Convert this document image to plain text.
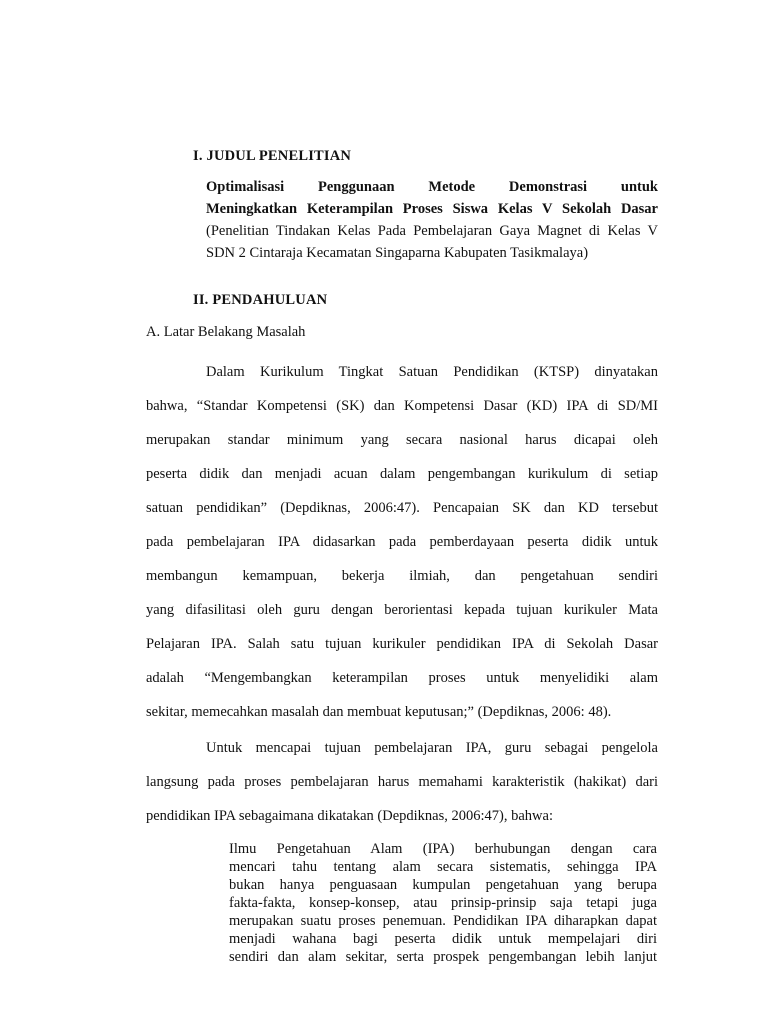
I. JUDUL PENELITIAN
Optimalisasi Penggunaan Metode Demonstrasi untuk
Meningkatkan Keterampilan Proses Siswa Kelas V Sekolah Dasar
(Penelitian Tindakan Kelas Pada Pembelajaran Gaya Magnet di Kelas V
SDN 2 Cintaraja Kecamatan Singaparna Kabupaten Tasikmalaya)
II. PENDAHULUAN
A. Latar Belakang Masalah
Dalam Kurikulum Tingkat Satuan Pendidikan (KTSP) dinyatakan
bahwa, “Standar Kompetensi (SK) dan Kompetensi Dasar (KD) IPA di SD/MI
merupakan standar minimum yang secara nasional harus dicapai oleh
peserta didik dan menjadi acuan dalam pengembangan kurikulum di setiap
satuan pendidikan” (Depdiknas, 2006:47). Pencapaian SK dan KD tersebut
pada pembelajaran IPA didasarkan pada pemberdayaan peserta didik untuk
membangun kemampuan, bekerja ilmiah, dan pengetahuan sendiri
yang difasilitasi oleh guru dengan berorientasi kepada tujuan kurikuler Mata
Pelajaran IPA. Salah satu tujuan kurikuler pendidikan IPA di Sekolah Dasar
adalah “Mengembangkan keterampilan proses untuk menyelidiki alam
sekitar, memecahkan masalah dan membuat keputusan;” (Depdiknas, 2006: 48).
Untuk mencapai tujuan pembelajaran IPA, guru sebagai pengelola
langsung pada proses pembelajaran harus memahami karakteristik (hakikat) dari
pendidikan IPA sebagaimana dikatakan (Depdiknas, 2006:47), bahwa:
Ilmu Pengetahuan Alam (IPA) berhubungan dengan cara
mencari tahu tentang alam secara sistematis, sehingga IPA
bukan hanya penguasaan kumpulan pengetahuan yang berupa
fakta-fakta, konsep-konsep, atau prinsip-prinsip saja tetapi juga
merupakan suatu proses penemuan. Pendidikan IPA diharapkan dapat
menjadi wahana bagi peserta didik untuk mempelajari diri
sendiri dan alam sekitar, serta prospek pengembangan lebih lanjut
